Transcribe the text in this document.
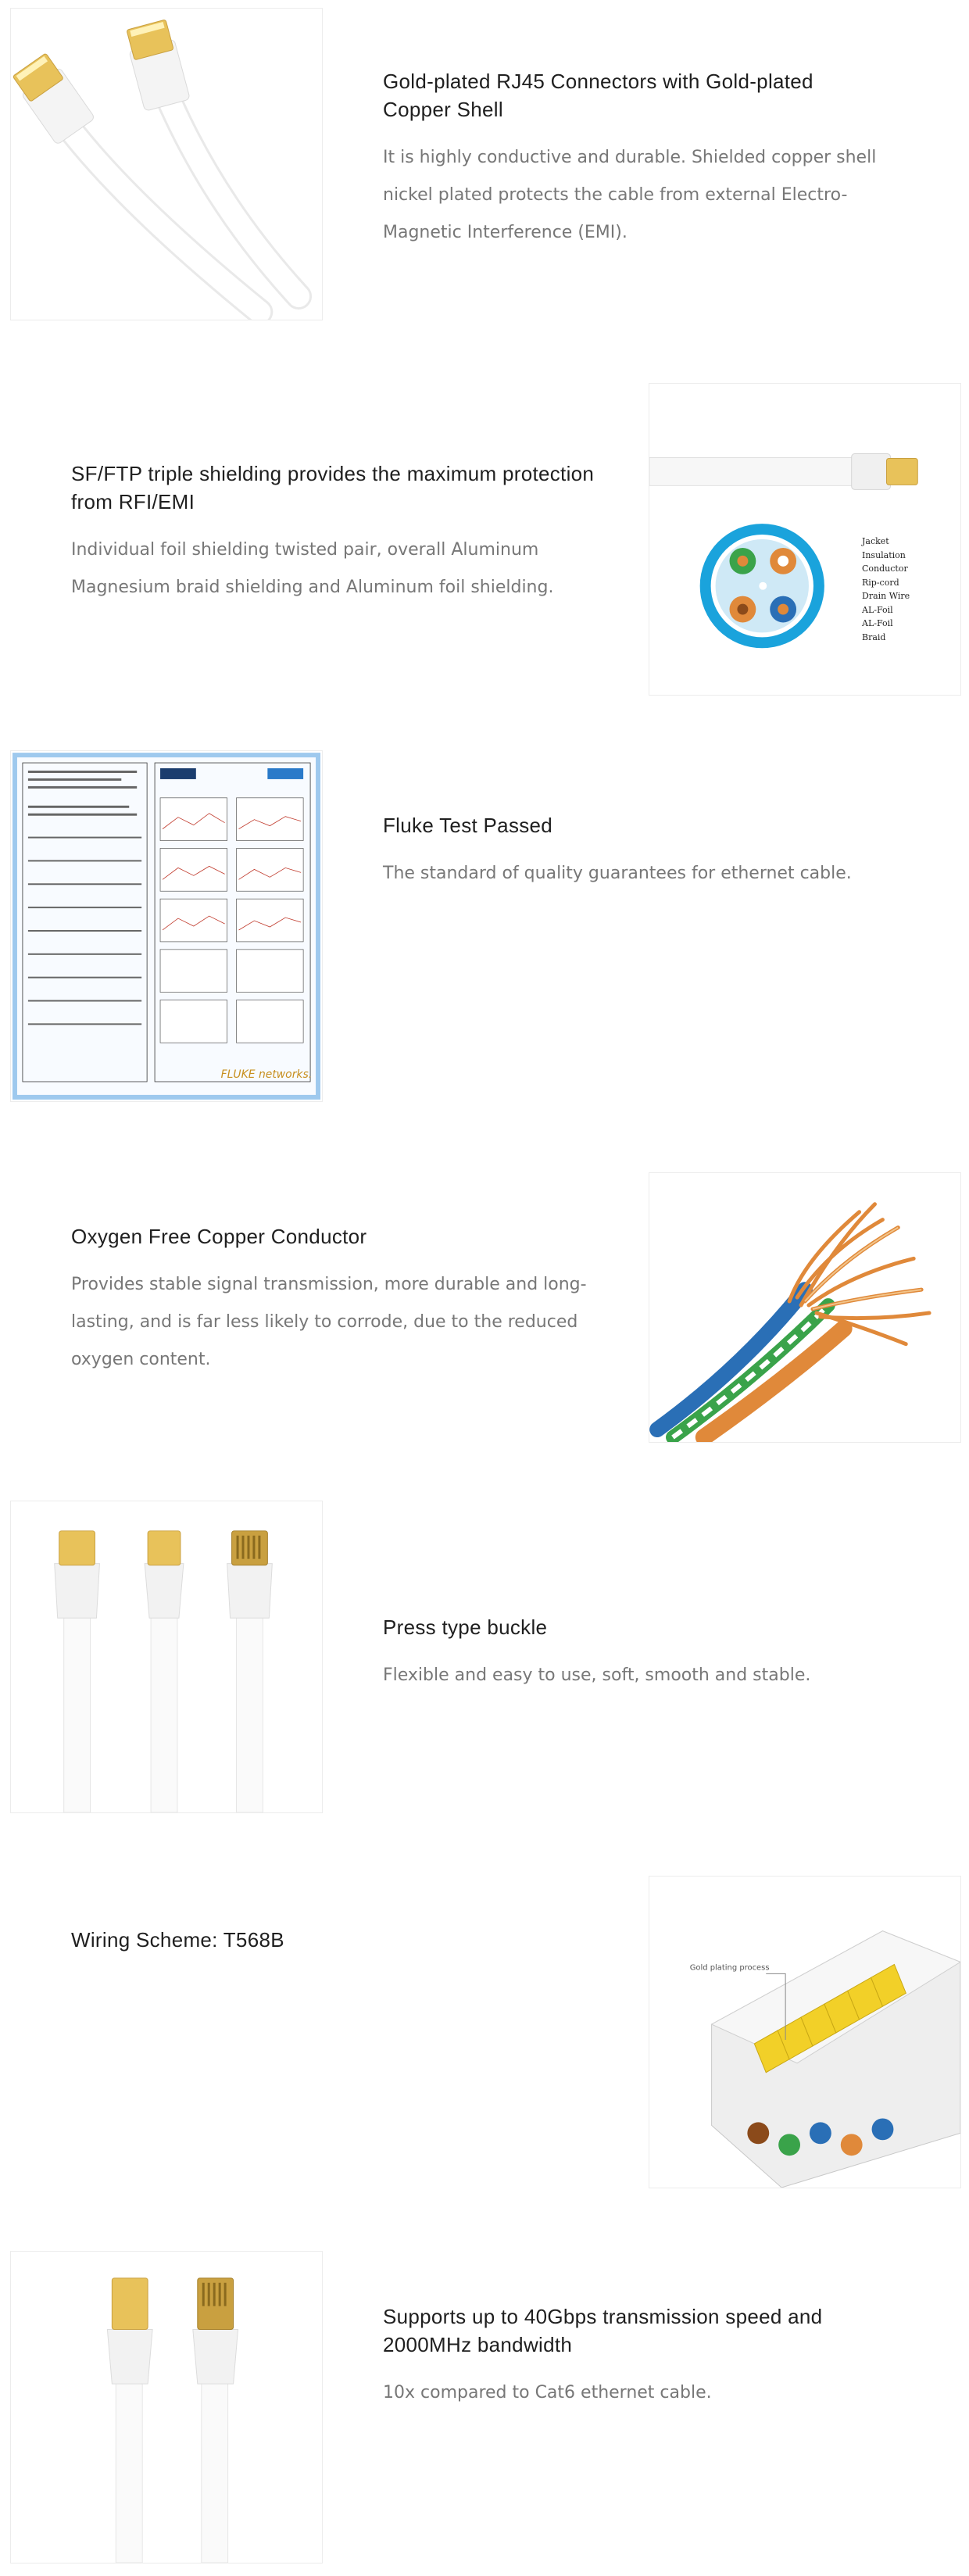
Gold-plated RJ45 Connectors with Gold-plated Copper Shell

It is highly conductive and durable. Shielded copper shell nickel plated protects the cable from external Electro-Magnetic Interference (EMI).

SF/FTP triple shielding provides the maximum protection from RFI/EMI

Individual foil shielding twisted pair, overall Aluminum Magnesium braid shielding and Aluminum foil shielding.

Jacket
Insulation
Conductor
Rip-cord
Drain Wire
AL-Foil
AL-Foil
Braid
FLUKE networks.
Fluke Test Passed

The standard of quality guarantees for ethernet cable.

Oxygen Free Copper Conductor

Provides stable signal transmission, more durable and long-lasting, and is far less likely to corrode, due to the reduced oxygen content.

Press type buckle

Flexible and easy to use, soft, smooth and stable.

Wiring Scheme: T568B
Gold plating process
Supports up to 40Gbps transmission speed and 2000MHz bandwidth

10x compared to Cat6 ethernet cable.
